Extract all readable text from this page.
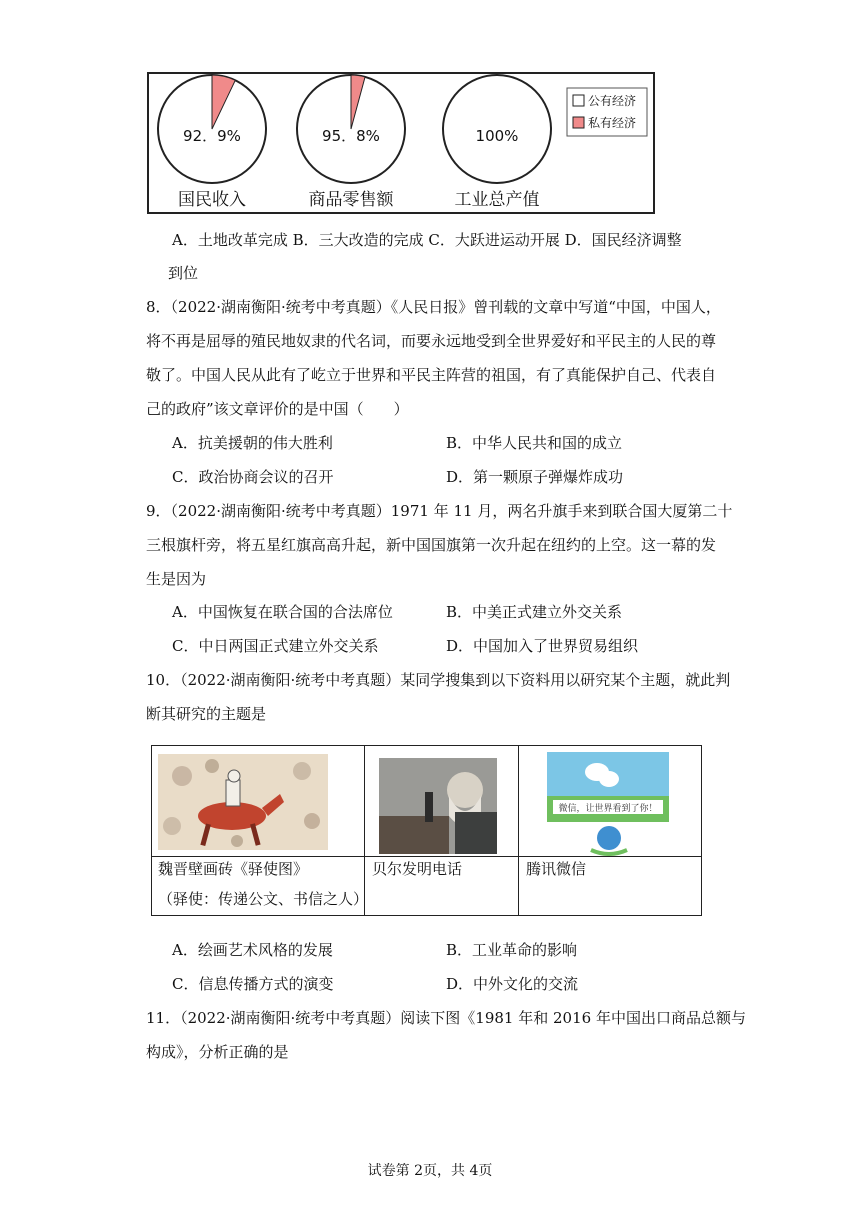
92．9%
国民收入
95．8%
商品零售额
100%
工业总产值
公有经济
私有经济
A．土地改革完成 B．三大改造的完成 C．大跃进运动开展 D．国民经济调整
到位
8．（2022·湖南衡阳·统考中考真题）《人民日报》曾刊载的文章中写道“中国，中国人，
将不再是屈辱的殖民地奴隶的代名词，而要永远地受到全世界爱好和平民主的人民的尊
敬了。中国人民从此有了屹立于世界和平民主阵营的祖国，有了真能保护自己、代表自
己的政府”该文章评价的是中国（　　）
A．抗美援朝的伟大胜利	B．中华人民共和国的成立
C．政治协商会议的召开	D．第一颗原子弹爆炸成功
9．（2022·湖南衡阳·统考中考真题）1971 年 11 月，两名升旗手来到联合国大厦第二十
三根旗杆旁，将五星红旗高高升起，新中国国旗第一次升起在纽约的上空。这一幕的发
生是因为
A．中国恢复在联合国的合法席位	B．中美正式建立外交关系
C．中日两国正式建立外交关系	D．中国加入了世界贸易组织
10．（2022·湖南衡阳·统考中考真题）某同学搜集到以下资料用以研究某个主题，就此判
断其研究的主题是
微信，让世界看到了你！
魏晋壁画砖《驿使图》
（驿使：传递公文、书信之人）
贝尔发明电话	腾讯微信
A．绘画艺术风格的发展	B．工业革命的影响
C．信息传播方式的演变	D．中外文化的交流
11．（2022·湖南衡阳·统考中考真题）阅读下图《1981 年和 2016 年中国出口商品总额与
构成》，分析正确的是
试卷第 2页，共 4页
